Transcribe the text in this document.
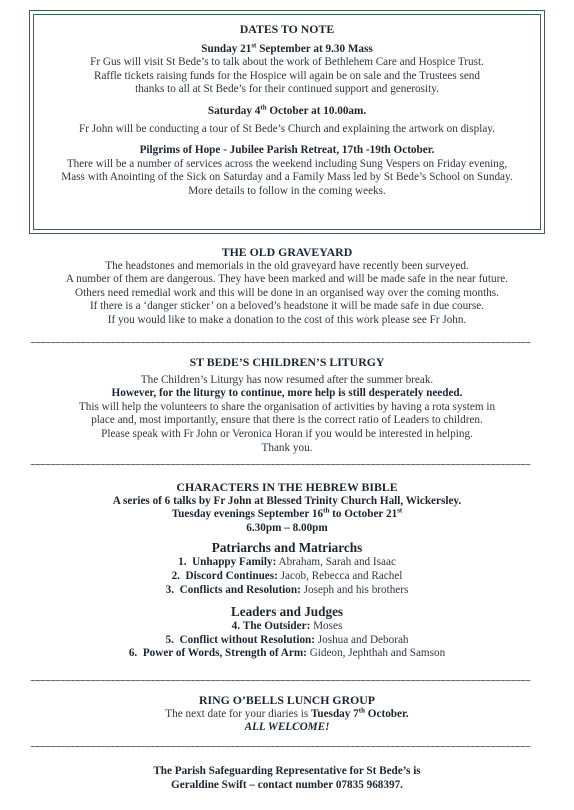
DATES TO NOTE
Sunday 21st September at 9.30 Mass
Fr Gus will visit St Bede’s to talk about the work of Bethlehem Care and Hospice Trust.
Raffle tickets raising funds for the Hospice will again be on sale and the Trustees send
thanks to all at St Bede’s for their continued support and generosity.
Saturday 4th October at 10.00am.
Fr John will be conducting a tour of St Bede’s Church and explaining the artwork on display.
Pilgrims of Hope - Jubilee Parish Retreat, 17th -19th October.
There will be a number of services across the weekend including Sung Vespers on Friday evening,
Mass with Anointing of the Sick on Saturday and a Family Mass led by St Bede’s School on Sunday.
More details to follow in the coming weeks.
THE OLD GRAVEYARD
The headstones and memorials in the old graveyard have recently been surveyed.
A number of them are dangerous. They have been marked and will be made safe in the near future.
Others need remedial work and this will be done in an organised way over the coming months.
If there is a ‘danger sticker’ on a beloved’s headstone it will be made safe in due course.
If you would like to make a donation to the cost of this work please see Fr John.
~~~~~~~~~~~~~~~~~~~~~~~~~~~~~~~~~~~~~~~~~~~~~~~~~~~~~~~~~~~~~~~~~~~~~~~~~~~~~~~~~~~~~~~~~~~~~~~~~~~~
ST BEDE’S CHILDREN’S LITURGY
The Children’s Liturgy has now resumed after the summer break.
However, for the liturgy to continue, more help is still desperately needed.
This will help the volunteers to share the organisation of activities by having a rota system in
place and, most importantly, ensure that there is the correct ratio of Leaders to children.
Please speak with Fr John or Veronica Horan if you would be interested in helping.
Thank you.
~~~~~~~~~~~~~~~~~~~~~~~~~~~~~~~~~~~~~~~~~~~~~~~~~~~~~~~~~~~~~~~~~~~~~~~~~~~~~~~~~~~~~~~~~~~~~~~~~~~~
CHARACTERS IN THE HEBREW BIBLE
A series of 6 talks by Fr John at Blessed Trinity Church Hall, Wickersley.
Tuesday evenings September 16th to October 21st
6.30pm – 8.00pm
Patriarchs and Matriarchs
1. Unhappy Family: Abraham, Sarah and Isaac
2. Discord Continues: Jacob, Rebecca and Rachel
3. Conflicts and Resolution: Joseph and his brothers
Leaders and Judges
4. The Outsider: Moses
5. Conflict without Resolution: Joshua and Deborah
6. Power of Words, Strength of Arm: Gideon, Jephthah and Samson
~~~~~~~~~~~~~~~~~~~~~~~~~~~~~~~~~~~~~~~~~~~~~~~~~~~~~~~~~~~~~~~~~~~~~~~~~~~~~~~~~~~~~~~~~~~~~~~~~~~~
RING O’BELLS LUNCH GROUP
The next date for your diaries is Tuesday 7th October.
ALL WELCOME!
~~~~~~~~~~~~~~~~~~~~~~~~~~~~~~~~~~~~~~~~~~~~~~~~~~~~~~~~~~~~~~~~~~~~~~~~~~~~~~~~~~~~~~~~~~~~~~~~~~~~
The Parish Safeguarding Representative for St Bede’s is
Geraldine Swift – contact number 07835 968397.
